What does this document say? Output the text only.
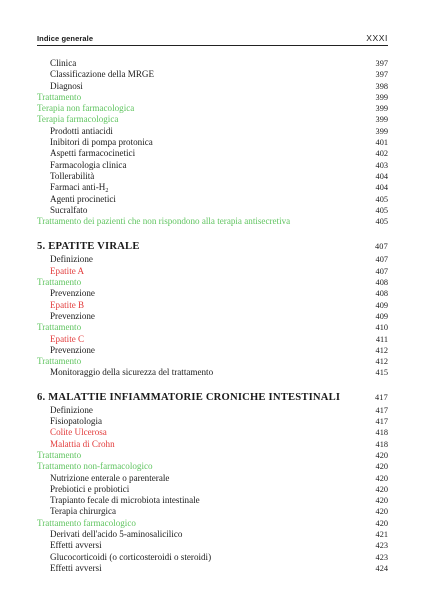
Indice generale	XXXI
Clinica	397
Classificazione della MRGE	397
Diagnosi	398
Trattamento	399
Terapia non farmacologica	399
Terapia farmacologica	399
Prodotti antiacidi	399
Inibitori di pompa protonica	401
Aspetti farmacocinetici	402
Farmacologia clinica	403
Tollerabilità	404
Farmaci anti-$H_2$	404
Agenti procinetici	405
Sucralfato	405
Trattamento dei pazienti che non rispondono alla terapia antisecretiva	405
5. EPATITE VIRALE	407
Definizione	407
Epatite A	407
Trattamento	408
Prevenzione	408
Epatite B	409
Prevenzione	409
Trattamento	410
Epatite C	411
Prevenzione	412
Trattamento	412
Monitoraggio della sicurezza del trattamento	415
6. MALATTIE INFIAMMATORIE CRONICHE INTESTINALI	417
Definizione	417
Fisiopatologia	417
Colite Ulcerosa	418
Malattia di Crohn	418
Trattamento	420
Trattamento non-farmacologico	420
Nutrizione enterale o parenterale	420
Prebiotici e probiotici	420
Trapianto fecale di microbiota intestinale	420
Terapia chirurgica	420
Trattamento farmacologico	420
Derivati dell'acido 5-aminosalicilico	421
Effetti avversi	423
Glucocorticoidi (o corticosteroidi o steroidi)	423
Effetti avversi	424
